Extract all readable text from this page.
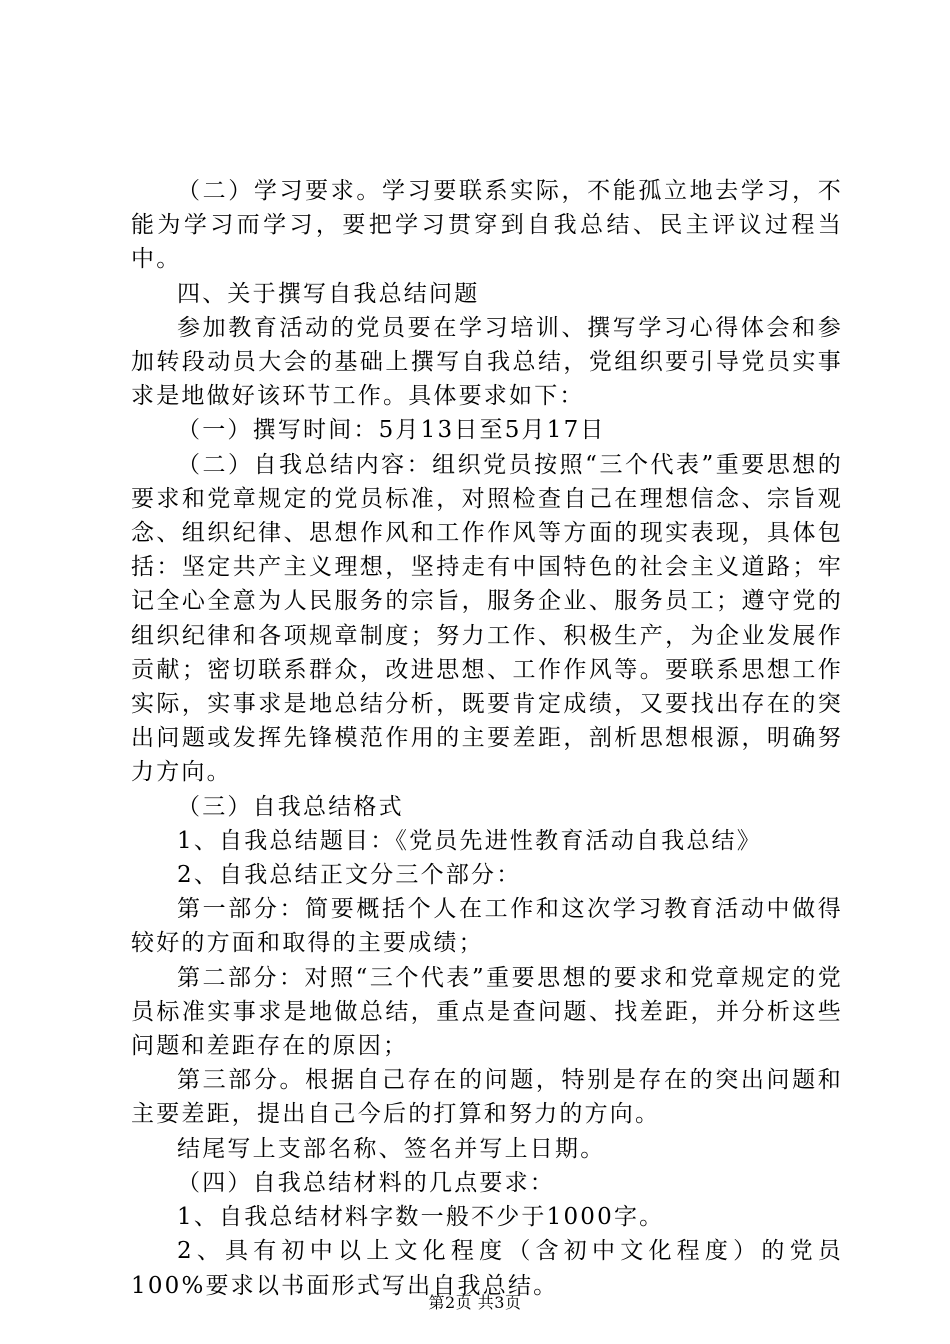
（二）学习要求。学习要联系实际，不能孤立地去学习，不能为学习而学习，要把学习贯穿到自我总结、民主评议过程当中。

四、关于撰写自我总结问题

参加教育活动的党员要在学习培训、撰写学习心得体会和参加转段动员大会的基础上撰写自我总结，党组织要引导党员实事求是地做好该环节工作。具体要求如下：

（一）撰写时间：5月13日至5月17日

（二）自我总结内容：组织党员按照“三个代表”重要思想的要求和党章规定的党员标准，对照检查自己在理想信念、宗旨观念、组织纪律、思想作风和工作作风等方面的现实表现，具体包括：坚定共产主义理想，坚持走有中国特色的社会主义道路；牢记全心全意为人民服务的宗旨，服务企业、服务员工；遵守党的组织纪律和各项规章制度；努力工作、积极生产，为企业发展作贡献；密切联系群众，改进思想、工作作风等。要联系思想工作实际，实事求是地总结分析，既要肯定成绩，又要找出存在的突出问题或发挥先锋模范作用的主要差距，剖析思想根源，明确努力方向。

（三）自我总结格式

1、自我总结题目：《党员先进性教育活动自我总结》

2、自我总结正文分三个部分：

第一部分：简要概括个人在工作和这次学习教育活动中做得较好的方面和取得的主要成绩；

第二部分：对照“三个代表”重要思想的要求和党章规定的党员标准实事求是地做总结，重点是查问题、找差距，并分析这些问题和差距存在的原因；

第三部分。根据自己存在的问题，特别是存在的突出问题和主要差距，提出自己今后的打算和努力的方向。

结尾写上支部名称、签名并写上日期。

（四）自我总结材料的几点要求：

1、自我总结材料字数一般不少于1000字。

2、具有初中以上文化程度（含初中文化程度）的党员100%要求以书面形式写出自我总结。

第2页 共3页
